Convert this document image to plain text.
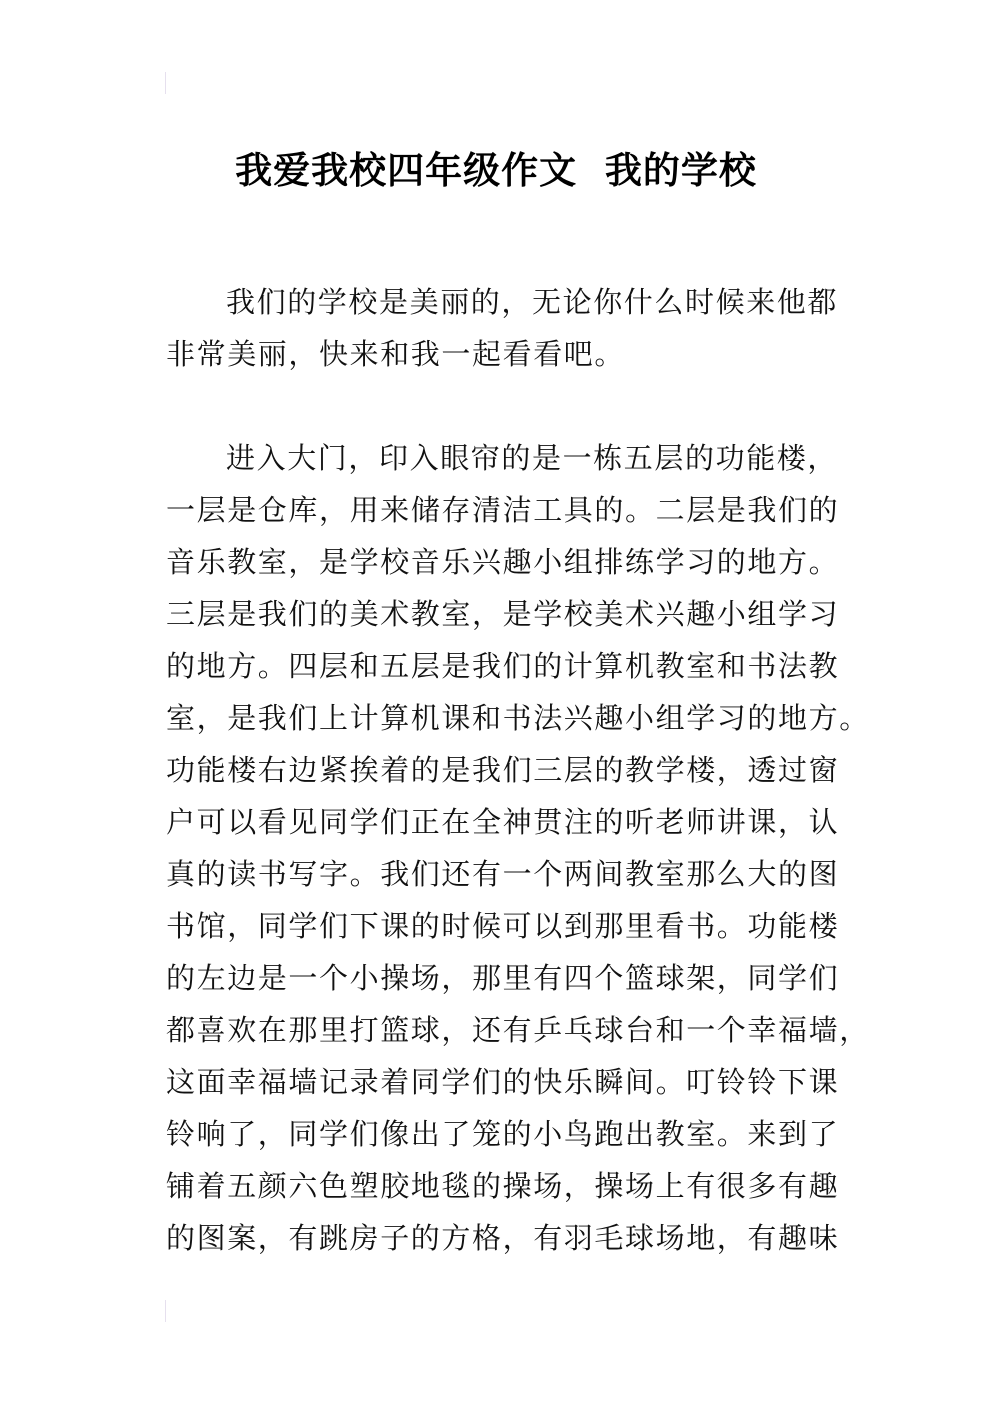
我爱我校四年级作文  我的学校
我们的学校是美丽的，无论你什么时候来他都
非常美丽，快来和我一起看看吧。
进入大门，印入眼帘的是一栋五层的功能楼，
一层是仓库，用来储存清洁工具的。二层是我们的
音乐教室，是学校音乐兴趣小组排练学习的地方。
三层是我们的美术教室，是学校美术兴趣小组学习
的地方。四层和五层是我们的计算机教室和书法教
室，是我们上计算机课和书法兴趣小组学习的地方。
功能楼右边紧挨着的是我们三层的教学楼，透过窗
户可以看见同学们正在全神贯注的听老师讲课，认
真的读书写字。我们还有一个两间教室那么大的图
书馆，同学们下课的时候可以到那里看书。功能楼
的左边是一个小操场，那里有四个篮球架，同学们
都喜欢在那里打篮球，还有乒乓球台和一个幸福墙，
这面幸福墙记录着同学们的快乐瞬间。叮铃铃下课
铃响了，同学们像出了笼的小鸟跑出教室。来到了
铺着五颜六色塑胶地毯的操场，操场上有很多有趣
的图案，有跳房子的方格，有羽毛球场地，有趣味
